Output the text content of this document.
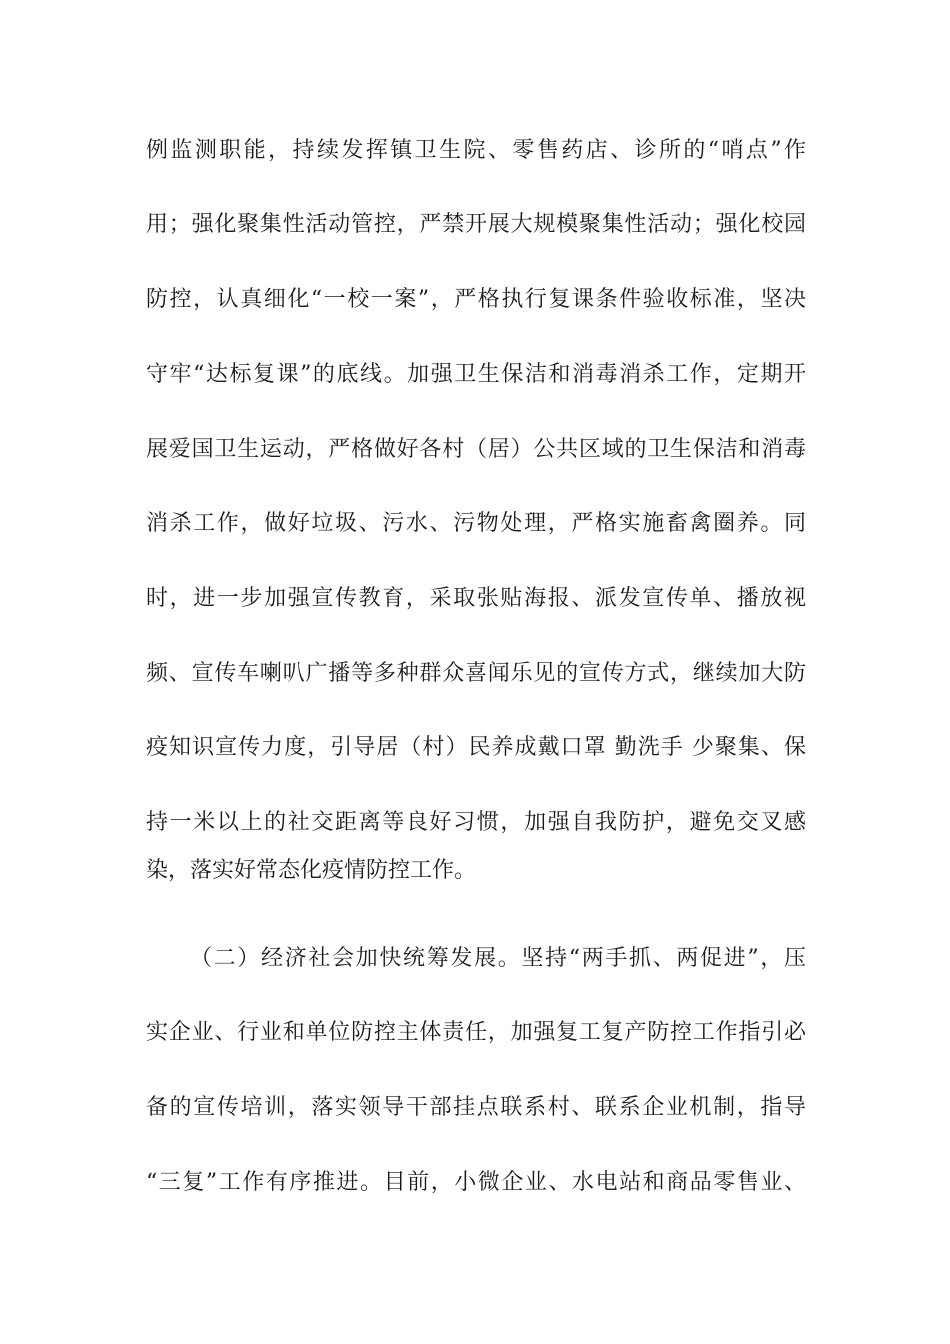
例监测职能，持续发挥镇卫生院、零售药店、诊所的“哨点”作
用；强化聚集性活动管控，严禁开展大规模聚集性活动；强化校园
防控，认真细化“一校一案”，严格执行复课条件验收标准，坚决
守牢“达标复课”的底线。加强卫生保洁和消毒消杀工作，定期开
展爱国卫生运动，严格做好各村（居）公共区域的卫生保洁和消毒
消杀工作，做好垃圾、污水、污物处理，严格实施畜禽圈养。同
时，进一步加强宣传教育，采取张贴海报、派发宣传单、播放视
频、宣传车喇叭广播等多种群众喜闻乐见的宣传方式，继续加大防
疫知识宣传力度，引导居（村）民养成戴口罩 勤洗手 少聚集、保
持一米以上的社交距离等良好习惯，加强自我防护，避免交叉感
染，落实好常态化疫情防控工作。
（二）经济社会加快统筹发展。坚持“两手抓、两促进”，压
实企业、行业和单位防控主体责任，加强复工复产防控工作指引必
备的宣传培训，落实领导干部挂点联系村、联系企业机制，指导
“三复”工作有序推进。目前，小微企业、水电站和商品零售业、
